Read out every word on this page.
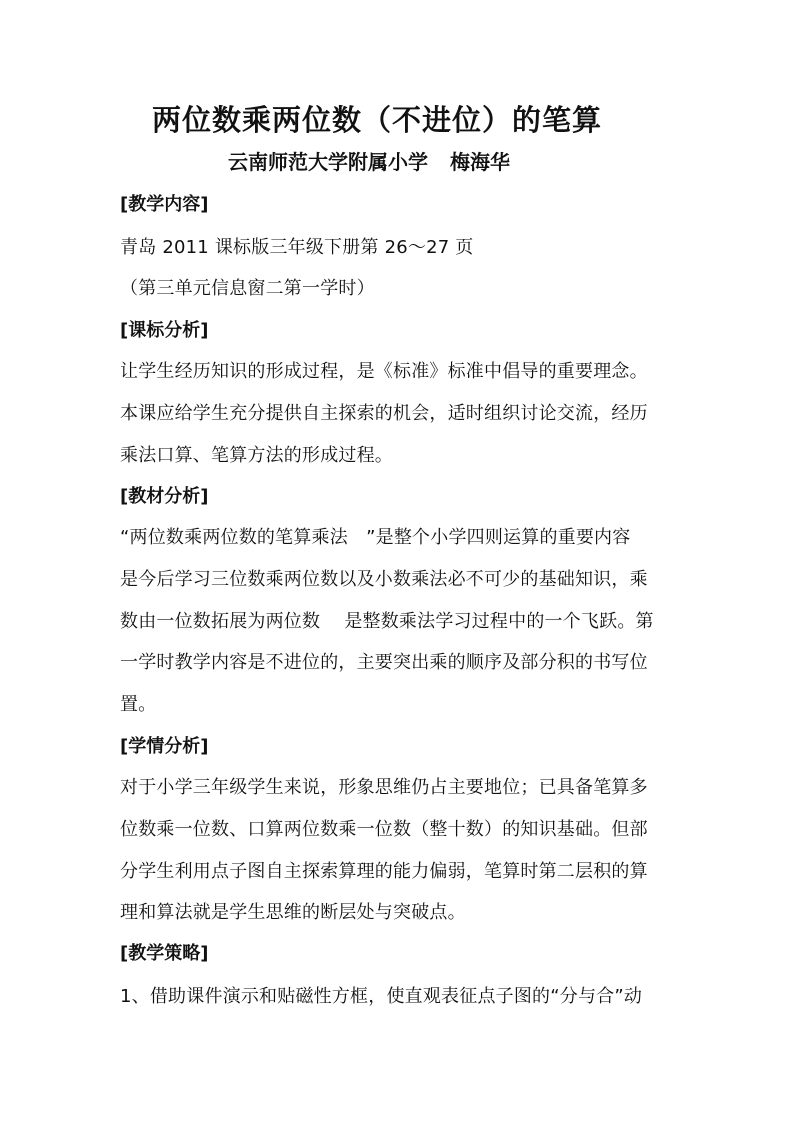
两位数乘两位数（不进位）的笔算
云南师范大学附属小学 梅海华
[教学内容]
青岛 2011 课标版三年级下册第 26～27 页
（第三单元信息窗二第一学时）
[课标分析]
让学生经历知识的形成过程，是《标准》标准中倡导的重要理念。
本课应给学生充分提供自主探索的机会，适时组织讨论交流，经历
乘法口算、笔算方法的形成过程。
[教材分析]
“两位数乘两位数的笔算乘法　”是整个小学四则运算的重要内容
是今后学习三位数乘两位数以及小数乘法必不可少的基础知识，乘
数由一位数拓展为两位数　 是整数乘法学习过程中的一个飞跃。第
一学时教学内容是不进位的，主要突出乘的顺序及部分积的书写位
置。
[学情分析]
对于小学三年级学生来说，形象思维仍占主要地位；已具备笔算多
位数乘一位数、口算两位数乘一位数（整十数）的知识基础。但部
分学生利用点子图自主探索算理的能力偏弱，笔算时第二层积的算
理和算法就是学生思维的断层处与突破点。
[教学策略]
1、借助课件演示和贴磁性方框，使直观表征点子图的“分与合”动
